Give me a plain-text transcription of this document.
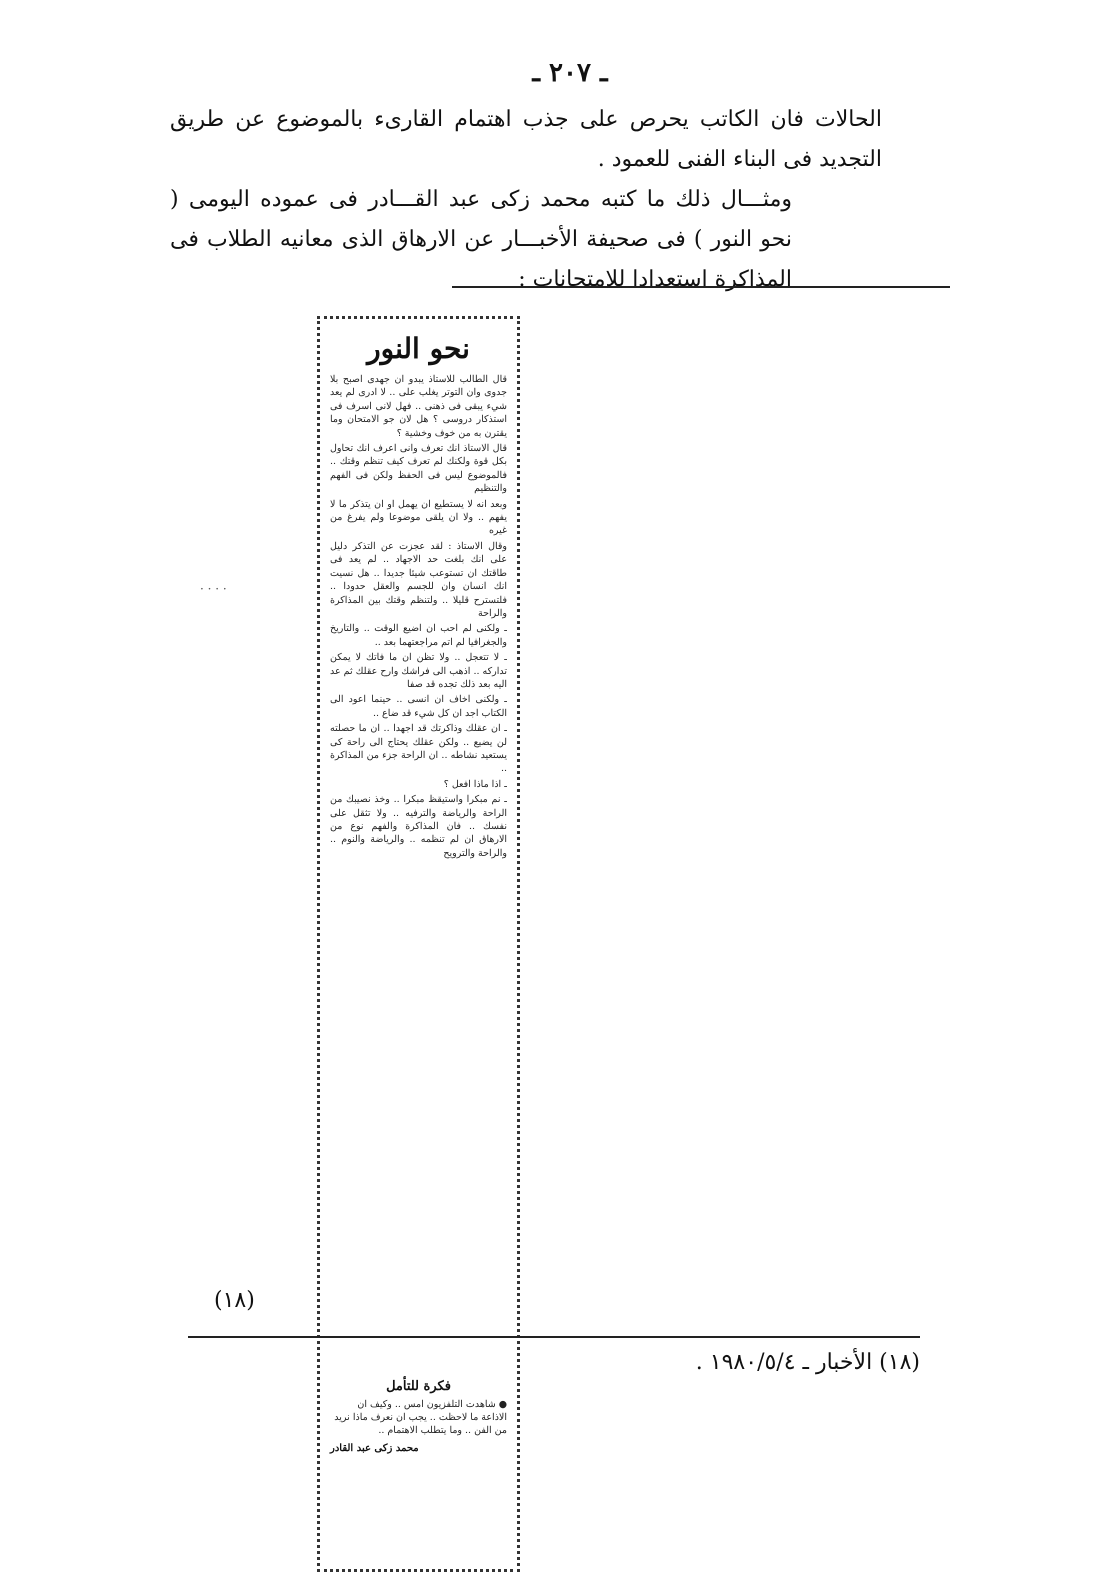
ـ ٢٠٧ ـ

الحالات فان الكاتب يحرص على جذب اهتمام القارىء بالموضوع عن طريق التجديد فى البناء الفنى للعمود .

ومثـــال ذلك ما كتبه محمد زكى عبد القـــادر فى عموده اليومى ( نحو النور ) فى صحيفة الأخبـــار عن الارهاق الذى معانيه الطلاب فى المذاكرة استعدادا للامتحانات :

نحو النور

قال الطالب للاستاذ يبدو ان جهدى اصبح بلا جدوى وان التوتر يغلب على .. لا ادرى لم يعد شيء يبقى فى ذهنى .. فهل لانى اسرف فى استذكار دروسى ؟ هل لان جو الامتحان وما يقترن به من خوف وخشية ؟

قال الاستاذ انك تعرف وانى اعرف انك تحاول بكل قوة ولكنك لم تعرف كيف تنظم وقتك .. فالموضوع ليس فى الحفظ ولكن فى الفهم والتنظيم

وبعد انه لا يستطيع ان يهمل او ان يتذكر ما لا يفهم .. ولا ان يلقى موضوعا ولم يفرغ من غيره

وقال الاستاذ : لقد عجزت عن التذكر دليل على انك بلغت حد الاجهاد .. لم يعد فى طاقتك ان تستوعب شيئا جديدا .. هل نسيت انك انسان وان للجسم والعقل حدودا .. فلتسترح قليلا .. ولتنظم وقتك بين المذاكرة والراحة

ـ ولكنى لم احب ان اضيع الوقت .. والتاريخ والجغرافيا لم اتم مراجعتهما بعد ..

ـ لا تتعجل .. ولا تظن ان ما فاتك لا يمكن تداركه .. اذهب الى فراشك وارح عقلك ثم عد اليه بعد ذلك تجده قد صفا

ـ ولكنى اخاف ان انسى .. حينما اعود الى الكتاب اجد ان كل شيء قد ضاع ..

ـ ان عقلك وذاكرتك قد اجهدا .. ان ما حصلته لن يضيع .. ولكن عقلك يحتاج الى راحة كى يستعيد نشاطه .. ان الراحة جزء من المذاكرة ..

ـ اذا ماذا افعل ؟

ـ نم مبكرا واستيقظ مبكرا .. وخذ نصيبك من الراحة والرياضة والترفيه .. ولا تثقل على نفسك .. فان المذاكرة والفهم نوع من الارهاق ان لم تنظمه .. والرياضة والنوم .. والراحة والترويح

فكرة للتأمل
● شاهدت التلفزيون امس .. وكيف ان الاذاعة ما لاحظت .. يجب ان نعرف ماذا نريد من الفن .. وما يتطلب الاهتمام ..
محمد زكى عبد القادر
· · · ·
(١٨)
(١٨) الأخبار ـ ١٩٨٠/٥/٤ .
